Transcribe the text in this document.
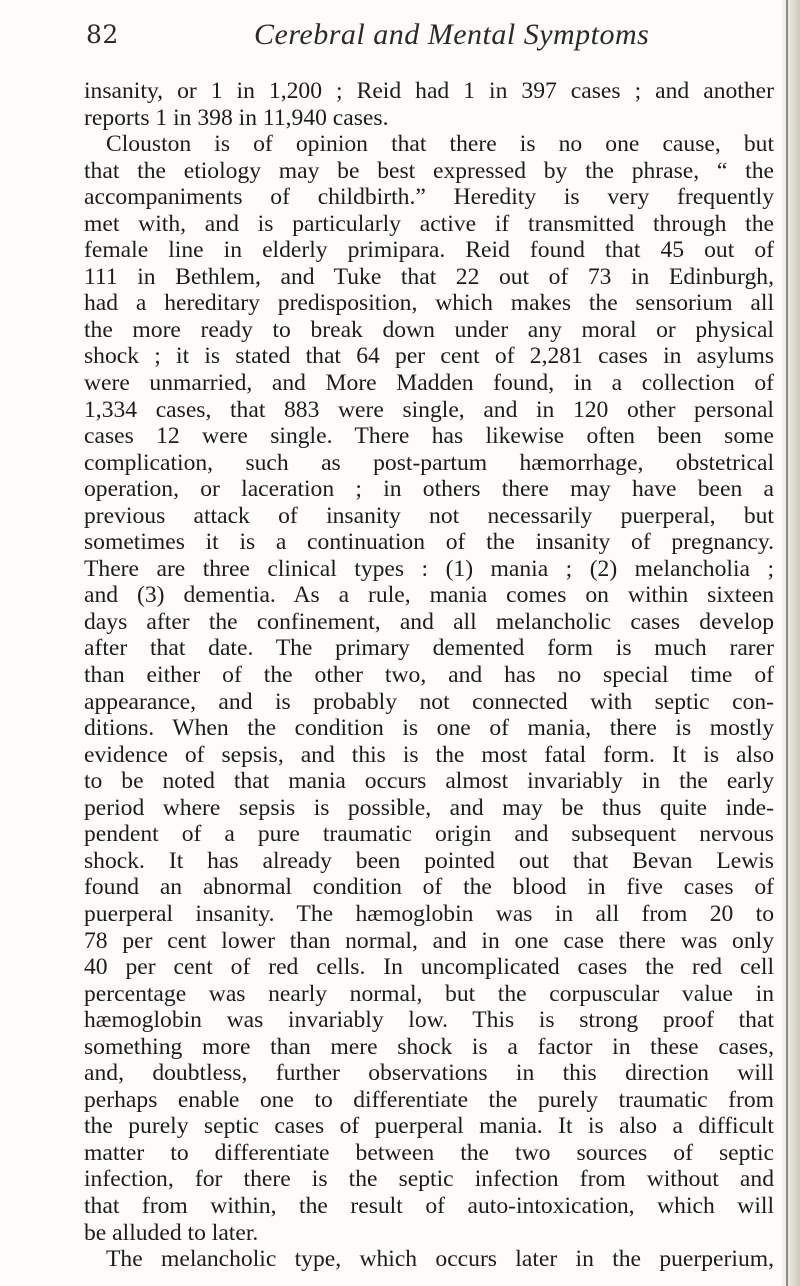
82	Cerebral and Mental Symptoms
insanity, or 1 in 1,200 ; Reid had 1 in 397 cases ; and another
reports 1 in 398 in 11,940 cases.
Clouston is of opinion that there is no one cause, but
that the etiology may be best expressed by the phrase, “ the
accompaniments of childbirth.” Heredity is very frequently
met with, and is particularly active if transmitted through the
female line in elderly primipara. Reid found that 45 out of
111 in Bethlem, and Tuke that 22 out of 73 in Edinburgh,
had a hereditary predisposition, which makes the sensorium all
the more ready to break down under any moral or physical
shock ; it is stated that 64 per cent of 2,281 cases in asylums
were unmarried, and More Madden found, in a collection of
1,334 cases, that 883 were single, and in 120 other personal
cases 12 were single. There has likewise often been some
complication, such as post-partum hæmorrhage, obstetrical
operation, or laceration ; in others there may have been a
previous attack of insanity not necessarily puerperal, but
sometimes it is a continuation of the insanity of pregnancy.
There are three clinical types : (1) mania ; (2) melancholia ;
and (3) dementia. As a rule, mania comes on within sixteen
days after the confinement, and all melancholic cases develop
after that date. The primary demented form is much rarer
than either of the other two, and has no special time of
appearance, and is probably not connected with septic con-
ditions. When the condition is one of mania, there is mostly
evidence of sepsis, and this is the most fatal form. It is also
to be noted that mania occurs almost invariably in the early
period where sepsis is possible, and may be thus quite inde-
pendent of a pure traumatic origin and subsequent nervous
shock. It has already been pointed out that Bevan Lewis
found an abnormal condition of the blood in five cases of
puerperal insanity. The hæmoglobin was in all from 20 to
78 per cent lower than normal, and in one case there was only
40 per cent of red cells. In uncomplicated cases the red cell
percentage was nearly normal, but the corpuscular value in
hæmoglobin was invariably low. This is strong proof that
something more than mere shock is a factor in these cases,
and, doubtless, further observations in this direction will
perhaps enable one to differentiate the purely traumatic from
the purely septic cases of puerperal mania. It is also a difficult
matter to differentiate between the two sources of septic
infection, for there is the septic infection from without and
that from within, the result of auto-intoxication, which will
be alluded to later.
The melancholic type, which occurs later in the puerperium,
